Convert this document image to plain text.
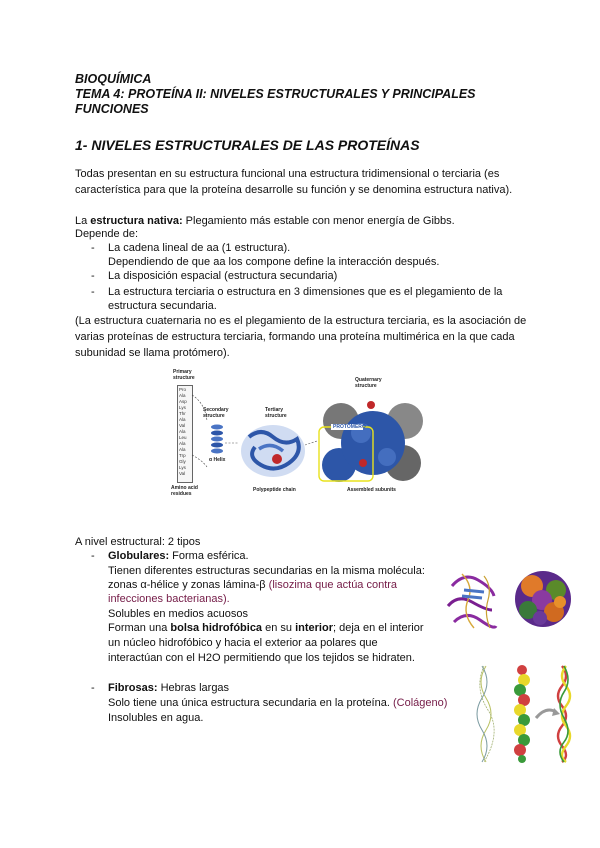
BIOQUÍMICA
TEMA 4: PROTEÍNA II: NIVELES ESTRUCTURALES Y PRINCIPALES
FUNCIONES
1- NIVELES ESTRUCTURALES DE LAS PROTEÍNAS
Todas presentan en su estructura funcional una estructura tridimensional o terciaria (es
característica para que la proteína desarrolle su función y se denomina estructura nativa).
La estructura nativa: Plegamiento más estable con menor energía de Gibbs.
Depende de:
- La cadena lineal de aa (1 estructura).
Dependiendo de que aa los compone define la interacción después.
- La disposición espacial (estructura secundaria)
- La estructura terciaria o estructura en 3 dimensiones que es el plegamiento de la
estructura secundaria.
(La estructura cuaternaria no es el plegamiento de la estructura terciaria, es la asociación de
varias proteínas de estructura terciaria, formando una proteína multimérica en la que cada
subunidad se llama protómero).
Primary structure
Secondary structure
Tertiary structure
Quaternary structure
α Helix
Amino acid residues
Polypeptide chain	Assembled subunits
Pro
Ala
Asp
Lys
Thr
Ala
Val
Ala
Leu
Ala
Ala
Trp
Gly
Lys
Val
PROTÓMERO
A nivel estructural: 2 tipos
- Globulares: Forma esférica.
Tienen diferentes estructuras secundarias en la misma molécula:
zonas α-hélice y zonas lámina-β (lisozima que actúa contra
infecciones bacterianas).
Solubles en medios acuosos
Forman una bolsa hidrofóbica en su interior; deja en el interior
un núcleo hidrofóbico y hacia el exterior aa polares que
interactúan con el H2O permitiendo que los tejidos se hidraten.
- Fibrosas: Hebras largas
Solo tiene una única estructura secundaria en la proteína. (Colágeno)
Insolubles en agua.
